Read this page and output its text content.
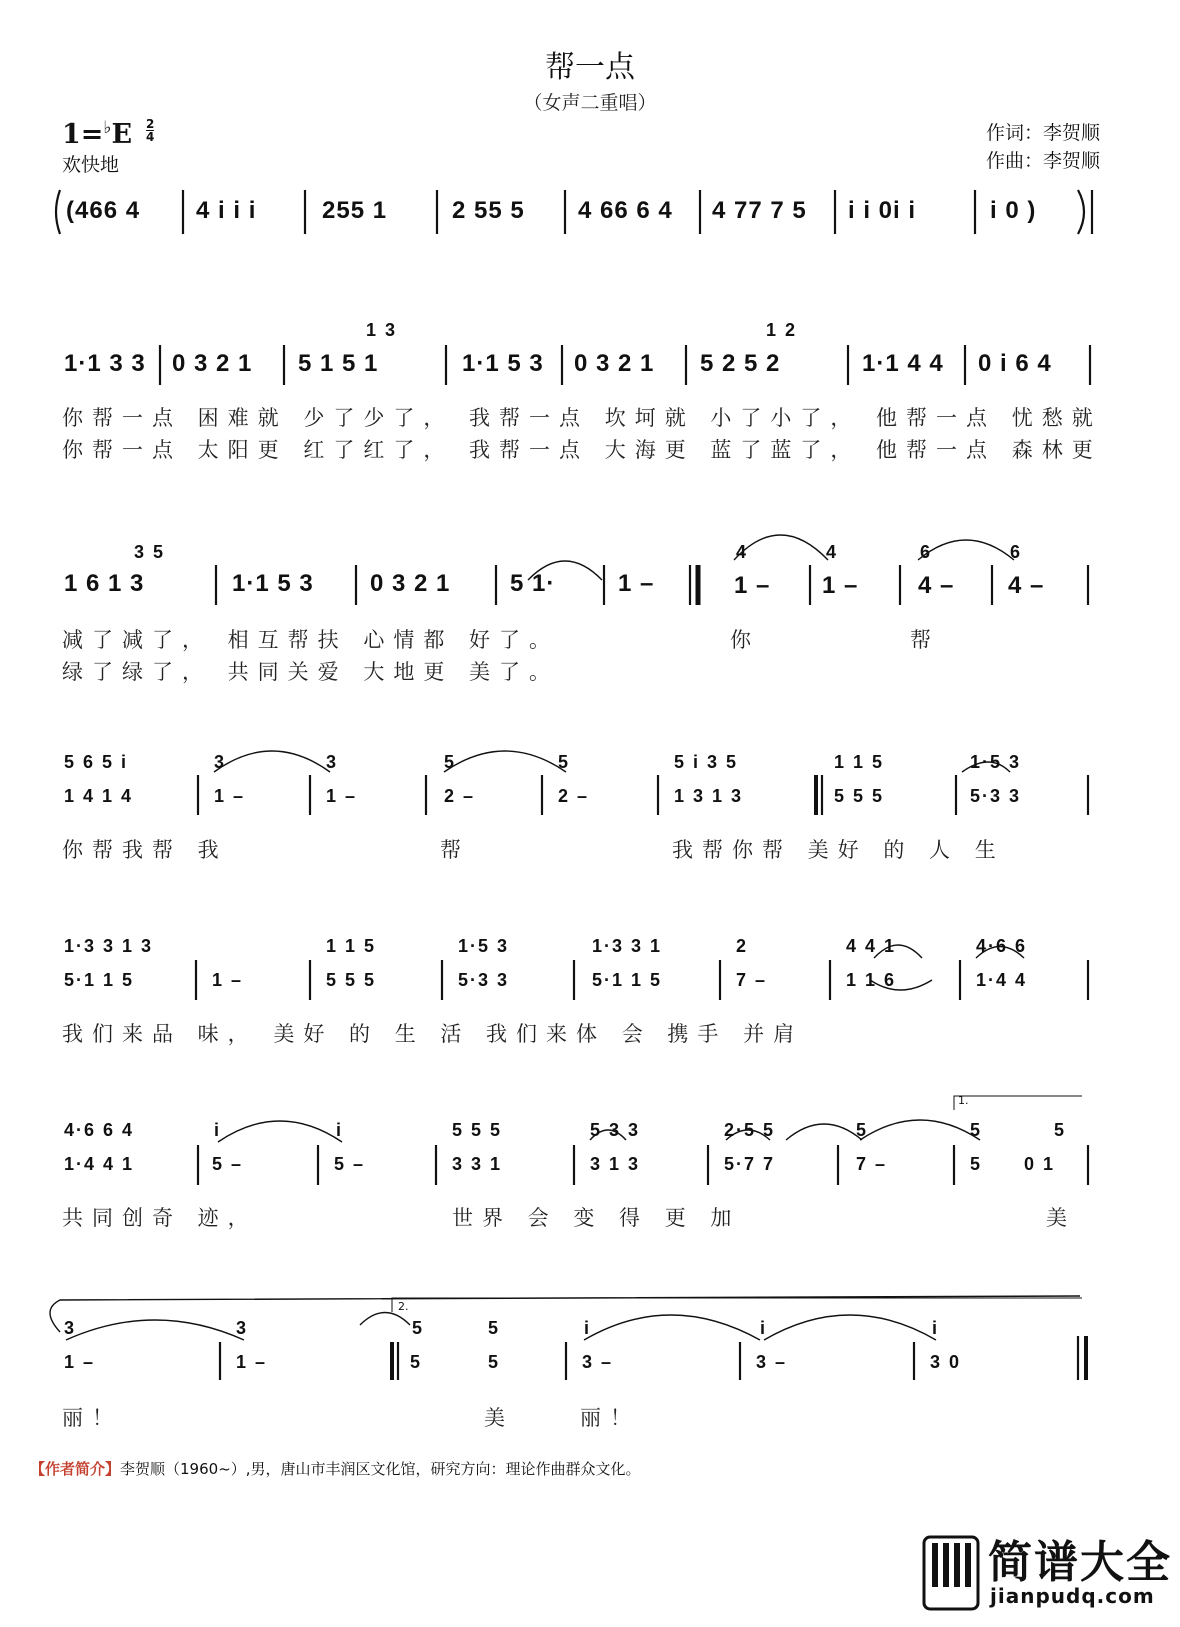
帮一点
（女声二重唱）
1=♭E 2
4
欢快地
作词：李贺顺
作曲：李贺顺
(466 4 4 i i i	255 1	2 55 5 4 66 6 4 4 77 7 5 i i 0i i	i 0 )
1 3	1 2
1·1 3 3 0 3 2 1 5 1 5 1	1·1 5 3 0 3 2 1 5 2 5 2	1·1 4 4 0 i 6 4
你帮一点 困难就 少了少了， 我帮一点 坎坷就 小了小了， 他帮一点 忧愁就
你帮一点 太阳更 红了红了， 我帮一点 大海更 蓝了蓝了， 他帮一点 森林更
3 5	4	4	6	6
1 6 1 3	1·1 5 3 0 3 2 1 5 1·	1 –	1 – 1 – 4 – 4 –
减了减了， 相互帮扶 心情都 好了。	你	帮
绿了绿了， 共同关爱 大地更 美了。
5 6 5 i	3	3	5	5	5 i 3 5	1 1 5	1·5 3
1 4 1 4	1 –	1 –	2 –	2 –	1 3 1 3	5 5 5	5·3 3
你帮我帮 我	帮	我帮你帮 美好 的 人 生
1·3 3 1 3	1 1 5	1·5 3	1·3 3 1	2	4 4 1	4·6 6
5·1 1 5	1 –	5 5 5	5·3 3	5·1 1 5	7 –	1 1 6	1·4 4
我们来品 味， 美好 的 生 活 我们来体 会 携手 并肩
1.
4·6 6 4	i	i	5 5 5	5 3 3	2·5 5	5	5	5
1·4 4 1	5 –	5 –	3 3 1	3 1 3	5·7 7	7 –	5 0 1
共同创奇 迹，	世界 会 变 得 更 加	美
2.
3	3	5	5	i	i	i
1 –	1 –	5	5	3 –	3 –	3 0
丽！	美	丽！
【作者简介】李贺顺（1960~）,男，唐山市丰润区文化馆，研究方向：理论作曲群众文化。
简谱大全
jianpudq.com
